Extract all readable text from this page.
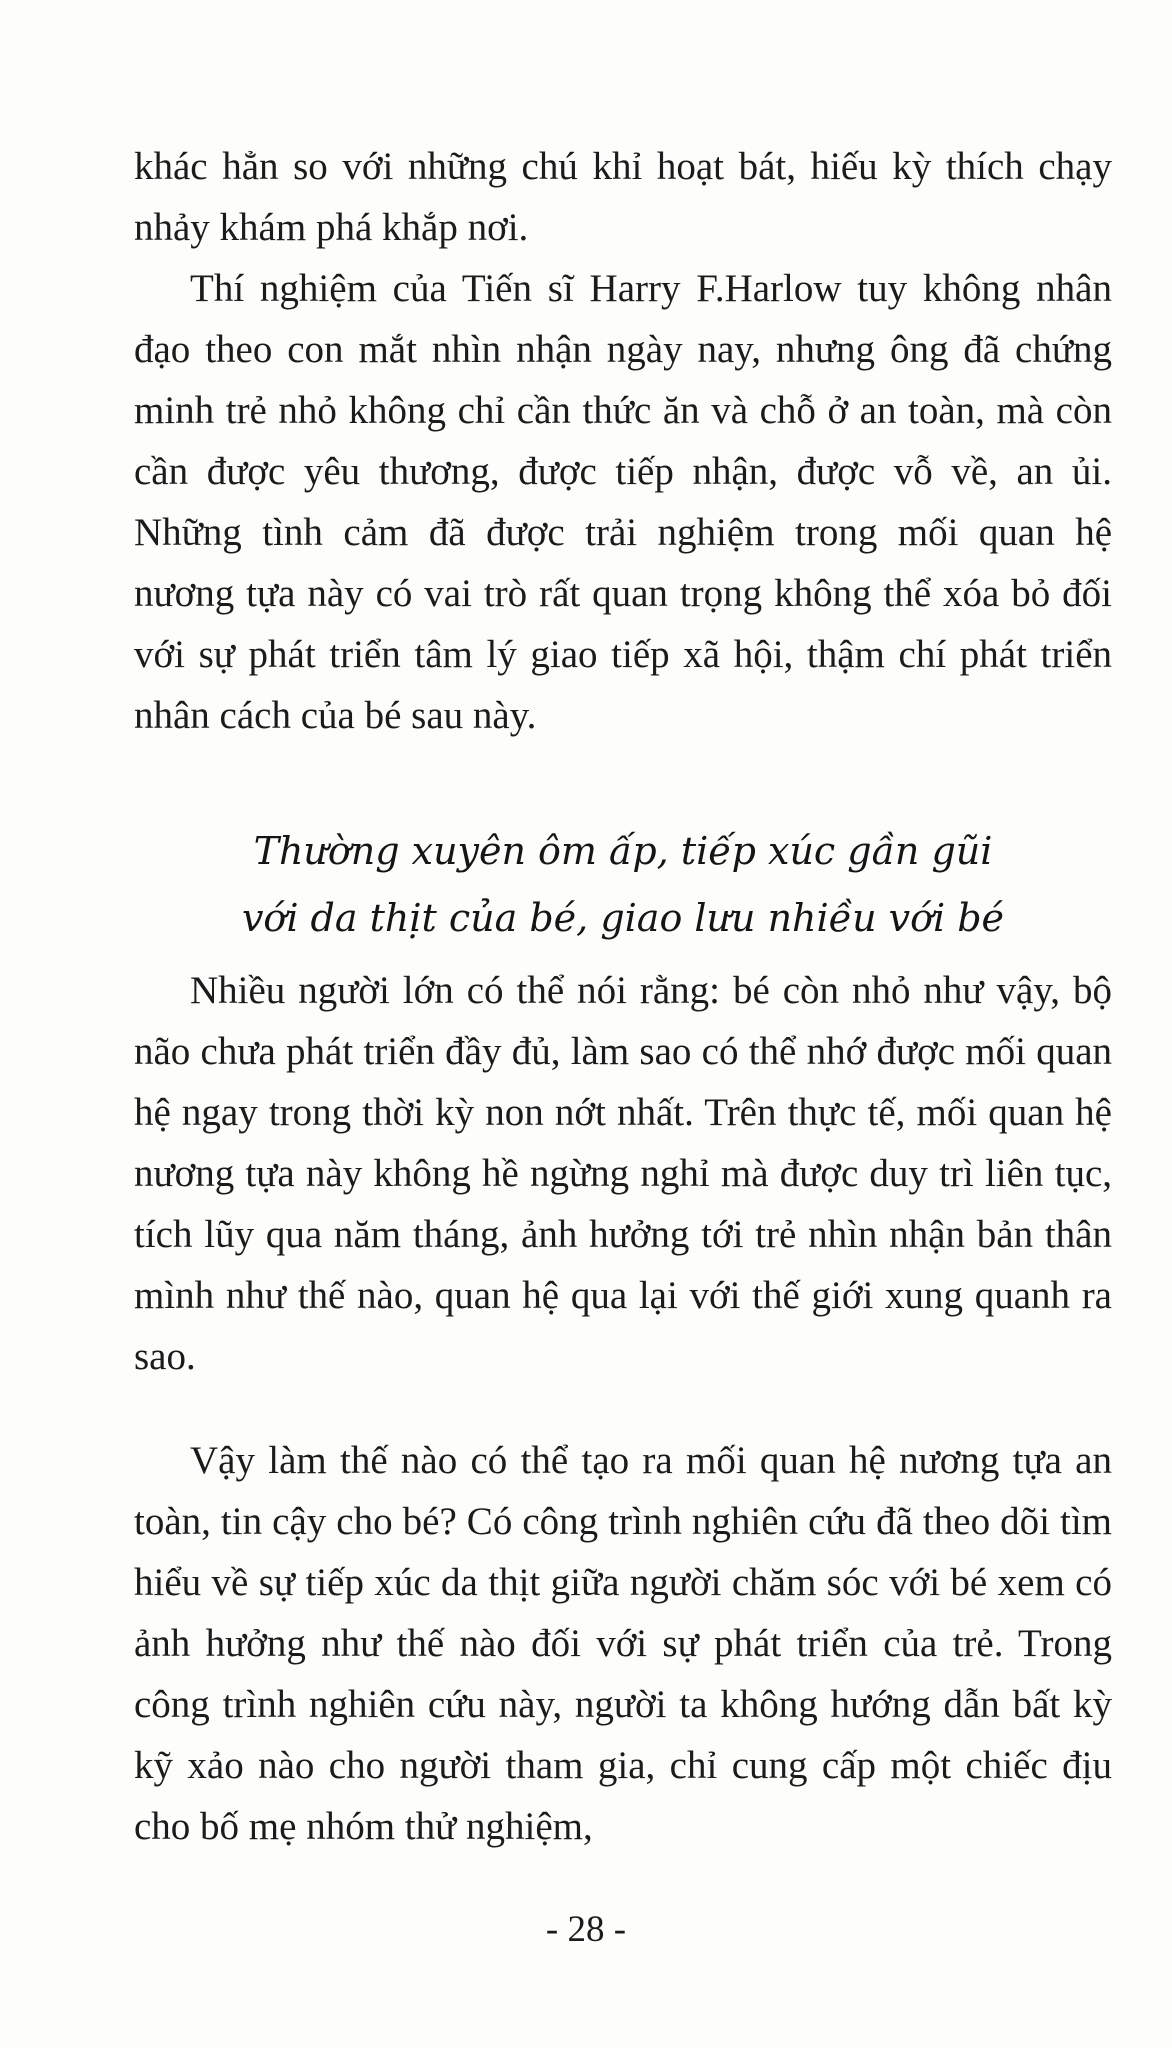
khác hẳn so với những chú khỉ hoạt bát, hiếu kỳ thích chạy nhảy khám phá khắp nơi.

Thí nghiệm của Tiến sĩ Harry F.Harlow tuy không nhân đạo theo con mắt nhìn nhận ngày nay, nhưng ông đã chứng minh trẻ nhỏ không chỉ cần thức ăn và chỗ ở an toàn, mà còn cần được yêu thương, được tiếp nhận, được vỗ về, an ủi. Những tình cảm đã được trải nghiệm trong mối quan hệ nương tựa này có vai trò rất quan trọng không thể xóa bỏ đối với sự phát triển tâm lý giao tiếp xã hội, thậm chí phát triển nhân cách của bé sau này.

Thường xuyên ôm ấp, tiếp xúc gần gũi
với da thịt của bé, giao lưu nhiều với bé

Nhiều người lớn có thể nói rằng: bé còn nhỏ như vậy, bộ não chưa phát triển đầy đủ, làm sao có thể nhớ được mối quan hệ ngay trong thời kỳ non nớt nhất. Trên thực tế, mối quan hệ nương tựa này không hề ngừng nghỉ mà được duy trì liên tục, tích lũy qua năm tháng, ảnh hưởng tới trẻ nhìn nhận bản thân mình như thế nào, quan hệ qua lại với thế giới xung quanh ra sao.

Vậy làm thế nào có thể tạo ra mối quan hệ nương tựa an toàn, tin cậy cho bé? Có công trình nghiên cứu đã theo dõi tìm hiểu về sự tiếp xúc da thịt giữa người chăm sóc với bé xem có ảnh hưởng như thế nào đối với sự phát triển của trẻ. Trong công trình nghiên cứu này, người ta không hướng dẫn bất kỳ kỹ xảo nào cho người tham gia, chỉ cung cấp một chiếc địu cho bố mẹ nhóm thử nghiệm,

- 28 -
